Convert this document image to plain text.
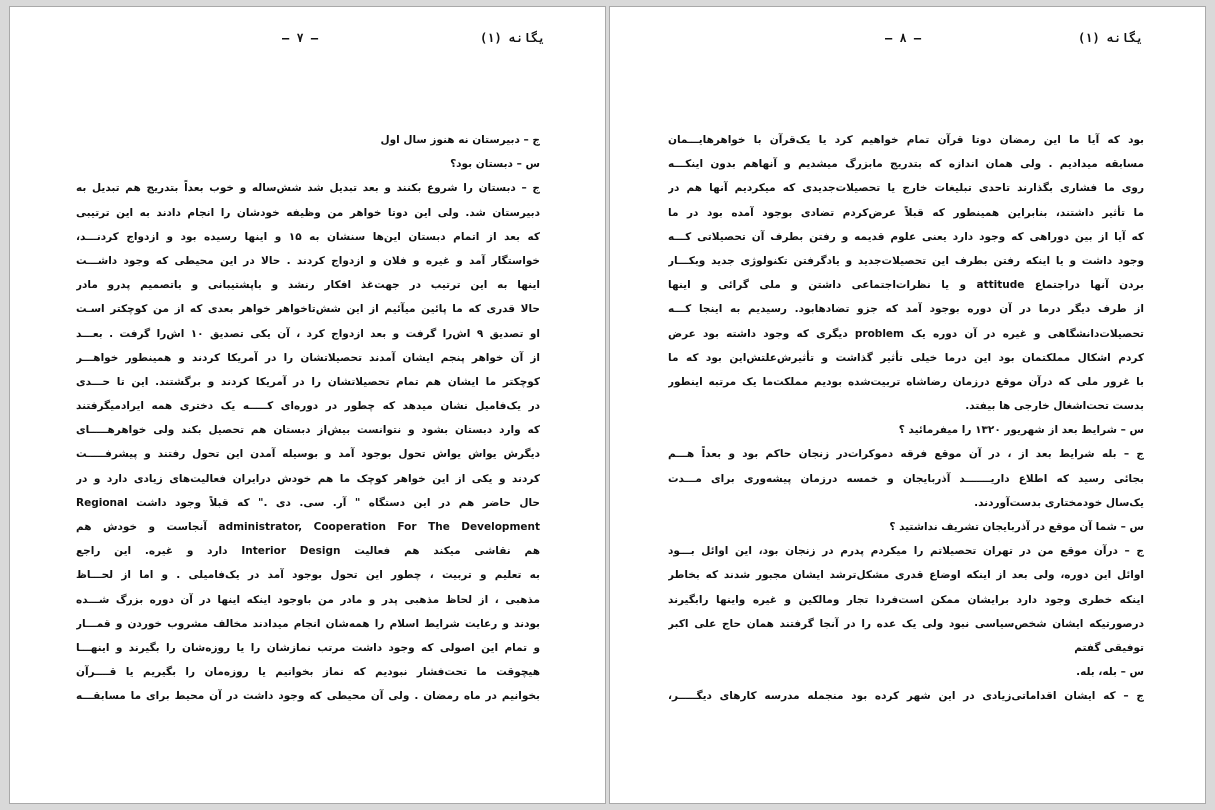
یگانه (۱)
– ۷ –
ج – دبیرستان نه هنوز سال اول
س – دبستان بود؟
ج – دبستان را شروع بکنند و بعد تبدیل شد شش‌ساله و خوب بعداً بتدریج هم تبدیل به
دبیرستان شد. ولی این دوتا خواهر من وظیفه خودشان را انجام دادند به این ترتیبی
که بعد از اتمام دبستان این‌ها سنشان به ۱۵ و اینها رسیده بود و ازدواج کردنـــد،
خواستگار آمد و غیره و فلان و ازدواج کردند . حالا در این محیطی که وجود داشـــت
اینها به این ترتیب در جهت‌غذ افکار رنشد و باپشتیبانی و باتصمیم پدرو مادر
حالا قدری که ما پائین میآئیم از این شش‌تاخواهر خواهر بعدی که از من کوچکتر اسـت
او تصدیق ۹ اش‌را گرفت و بعد ازدواج کرد ، آن یکی تصدیق ۱۰ اش‌را گرفت . بعـــد
از آن خواهر پنجم ایشان آمدند تحصیلاتشان را در آمریکا کردند و همینطور خواهـــر
کوچکتر ما ایشان هم تمام تحصیلاتشان را در آمریکا کردند و برگشتند. این تا حـــدی
در یک‌فامیل نشان میدهد که چطور در دوره‌ای کـــــه یک دختری همه ایرادمیگرفتند
که وارد دبستان بشود و نتوانست بیش‌از دبستان هم تحصیل بکند ولی خواهرهـــــای
دیگرش یواش یواش تحول بوجود آمد و بوسیله آمدن این تحول رفتند و پیشرفـــــت
کردند و یکی از این خواهر کوچک ما هم خودش درایران فعالیت‌های زیادی دارد و در
حال حاضر هم در این دستگاه " آر. سی. دی ." که قبلاً وجود داشت Regional
administrator, Cooperation For The Development آنجاست و خودش هم
هم نقاشی میکند هم فعالیت Interior Design دارد و غیره. این راجع
به تعلیم و تربیت ، چطور این تحول بوجود آمد در یک‌فامیلی . و اما از لحـــاظ
مذهبی ، از لحاظ مذهبی پدر و مادر من باوجود اینکه اینها در آن دوره بزرگ شـــده
بودند و رعایت شرایط اسلام را همه‌شان انجام میدادند مخالف مشروب خوردن و قمـــار
و تمام این اصولی که وجود داشت مرتب نمازشان را یا روزه‌شان را بگیرند و اینهـــا
هیچوقت ما تحت‌فشار نبودیم که نماز بخوانیم یا روزه‌مان را بگیریم یا قــــرآن
بخوانیم در ماه رمضان . ولی آن محیطی که وجود داشت در آن محیط برای ما مسابقـــه
یگانه (۱)
– ۸ –
بود که آیا ما این رمضان دوتا قرآن تمام خواهیم کرد یا یک‌قرآن با خواهرهایـــمان
مسابقه میدادیم . ولی همان اندازه که بتدریج مابزرگ میشدیم و آنهاهم بدون اینکـــه
روی ما فشاری بگذارند تاحدی تبلیغات خارج یا تحصیلات‌جدیدی که میکردیم آنها هم در
ما تأثیر داشتند، بنابراین همینطور که قبلاً عرض‌کردم تضادی بوجود آمده بود در ما
که آیا از بین دوراهی که وجود دارد یعنی علوم قدیمه و رفتن بطرف آن تحصیلاتی کـــه
وجود داشت و یا اینکه رفتن بطرف این تحصیلات‌جدید و یادگرفتن تکنولوژی جدید وبکـــار
بردن آنها دراجتماع attitude و یا نظرات‌اجتماعی داشتن و ملی گرائی و اینها
از طرف دیگر درما در آن دوره بوجود آمد که جزو تضادهابود. رسیدیم به اینجا کـــه
تحصیلات‌دانشگاهی و غیره در آن دوره یک problem دیگری که وجود داشته بود عرض
کردم اشکال مملکتمان بود این درما خیلی تأثیر گذاشت و تأثیرش‌علتش‌این بود که ما
با غرور ملی که درآن موقع درزمان رضاشاه تربیت‌شده بودیم مملکت‌ما یک مرتبه اینطور
بدست تحت‌اشغال خارجی ها بیفتد.
س – شرایط بعد از شهریور ۱۳۲۰ را میفرمائید ؟
ج – بله شرایط بعد از ، در آن موقع فرقه دموکرات‌در زنجان حاکم بود و بعداً هـــم
بجائی رسید که اطلاع داریـــــــد آذربایجان و خمسه درزمان پیشه‌وری برای مـــدت
یک‌سال خودمختاری بدست‌آوردند.
س – شما آن موقع در آذربایجان تشریف نداشتید ؟
ج – درآن موقع من در تهران تحصیلاتم را میکردم پدرم در زنجان بود، این اوائل بـــود
اوائل این دوره، ولی بعد از اینکه اوضاع قدری مشکل‌ترشد ایشان مجبور شدند که بخاطر
اینکه خطری وجود دارد برایشان ممکن است‌فردا تجار ومالکین و غیره واینها رابگیرند
درصورتیکه ایشان شخص‌سیاسی نبود ولی یک عده را در آنجا گرفتند همان حاج علی اکبر
توفیقی گفتم
س – بله، بله.
ج – که ایشان اقداماتی‌زیادی در این شهر کرده بود منجمله مدرسه کارهای دیگـــــر،
